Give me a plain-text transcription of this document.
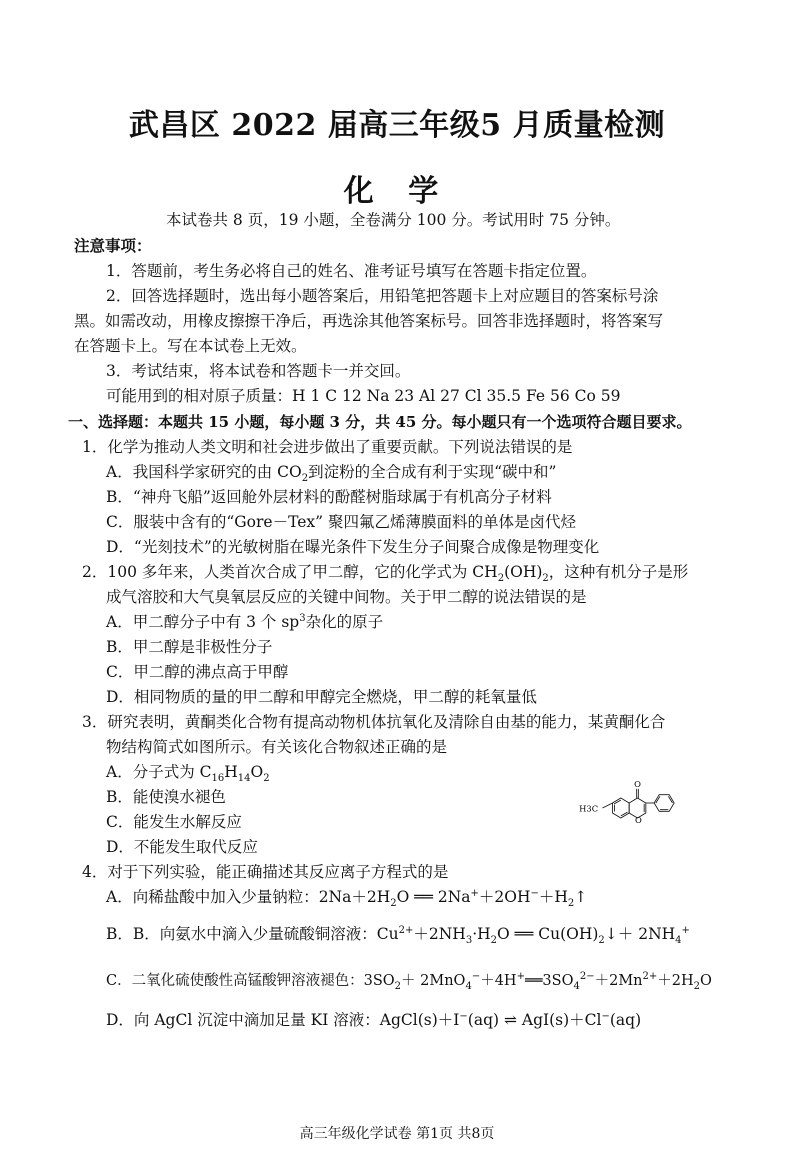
武昌区 2022 届高三年级5 月质量检测
化 学
本试卷共 8 页，19 小题，全卷满分 100 分。考试用时 75 分钟。
注意事项：
1．答题前，考生务必将自己的姓名、准考证号填写在答题卡指定位置。
2．回答选择题时，选出每小题答案后，用铅笔把答题卡上对应题目的答案标号涂
黑。如需改动，用橡皮擦擦干净后，再选涂其他答案标号。回答非选择题时，将答案写
在答题卡上。写在本试卷上无效。
3．考试结束，将本试卷和答题卡一并交回。
可能用到的相对原子质量：H 1 C 12 Na 23 Al 27 Cl 35.5 Fe 56 Co 59
一、选择题：本题共 15 小题，每小题 3 分，共 45 分。每小题只有一个选项符合题目要求。
1．化学为推动人类文明和社会进步做出了重要贡献。下列说法错误的是
A．我国科学家研究的由 $CO_2$到淀粉的全合成有利于实现“碳中和”
B．“神舟飞船”返回舱外层材料的酚醛树脂球属于有机高分子材料
C．服装中含有的“Gore－Tex” 聚四氟乙烯薄膜面料的单体是卤代烃
D．“光刻技术”的光敏树脂在曝光条件下发生分子间聚合成像是物理变化
2．100 多年来，人类首次合成了甲二醇，它的化学式为 $CH_2(OH)_2$，这种有机分子是形
成气溶胶和大气臭氧层反应的关键中间物。关于甲二醇的说法错误的是
A．甲二醇分子中有 3 个 $sp^3$杂化的原子
B．甲二醇是非极性分子
C．甲二醇的沸点高于甲醇
D．相同物质的量的甲二醇和甲醇完全燃烧，甲二醇的耗氧量低
3．研究表明，黄酮类化合物有提高动物机体抗氧化及清除自由基的能力，某黄酮化合
物结构简式如图所示。有关该化合物叙述正确的是
A．分子式为 $C_{16}H_{14}O_2$
B．能使溴水褪色
C．能发生水解反应
D．不能发生取代反应
O
O
H3C
4．对于下列实验，能正确描述其反应离子方程式的是
A．向稀盐酸中加入少量钠粒：$2Na+2H_2O$ ══ $2Na^++2OH^-+H_2↑$
B．B．向氨水中滴入少量硫酸铜溶液：$Cu^{2+}+2NH_3\cdot H_2O$ ══ $Cu(OH)_2↓+ 2NH_4^+$
C．二氧化硫使酸性高锰酸钾溶液褪色：$3SO_2+$ $2MnO_4^-+4H^+══3SO_4^{2-}+2Mn^{2+}+2H_2O$
D．向 AgCl 沉淀中滴加足量 KI 溶液：AgCl(s)＋I−(aq) ⇌ AgI(s)＋Cl−(aq)
高三年级化学试卷 第1页 共8页
